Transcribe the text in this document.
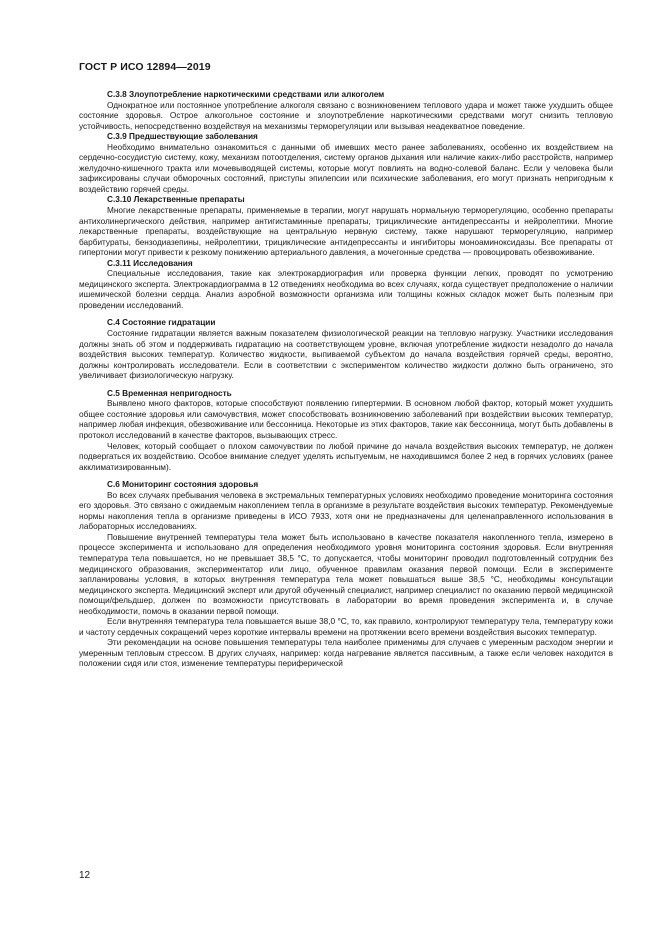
ГОСТ Р ИСО 12894—2019
С.3.8 Злоупотребление наркотическими средствами или алкоголем

Однократное или постоянное употребление алкоголя связано с возникновением теплового удара и может также ухудшить общее состояние здоровья. Острое алкогольное состояние и злоупотребление наркотическими средствами могут снизить тепловую устойчивость, непосредственно воздействуя на механизмы терморегуляции или вызывая неадекватное поведение.

С.3.9 Предшествующие заболевания

Необходимо внимательно ознакомиться с данными об имевших место ранее заболеваниях, особенно их воздействием на сердечно-сосудистую систему, кожу, механизм потоотделения, систему органов дыхания или наличие каких-либо расстройств, например желудочно-кишечного тракта или мочевыводящей системы, которые могут повлиять на водно-солевой баланс. Если у человека были зафиксированы случаи обморочных состояний, приступы эпилепсии или психические заболевания, его могут признать непригодным к воздействию горячей среды.

С.3.10 Лекарственные препараты

Многие лекарственные препараты, применяемые в терапии, могут нарушать нормальную терморегуляцию, особенно препараты антихолинергического действия, например антигистаминные препараты, трициклические антидепрессанты и нейролептики. Многие лекарственные препараты, воздействующие на центральную нервную систему, также нарушают терморегуляцию, например барбитураты, бензодиазепины, нейролептики, трициклические антидепрессанты и ингибиторы моноаминоксидазы. Все препараты от гипертонии могут привести к резкому понижению артериального давления, а мочегонные средства — провоцировать обезвоживание.

С.3.11 Исследования

Специальные исследования, такие как электрокардиография или проверка функции легких, проводят по усмотрению медицинского эксперта. Электрокардиограмма в 12 отведениях необходима во всех случаях, когда существует предположение о наличии ишемической болезни сердца. Анализ аэробной возможности организма или толщины кожных складок может быть полезным при проведении исследований.

С.4 Состояние гидратации

Состояние гидратации является важным показателем физиологической реакции на тепловую нагрузку. Участники исследования должны знать об этом и поддерживать гидратацию на соответствующем уровне, включая употребление жидкости незадолго до начала воздействия высоких температур. Количество жидкости, выпиваемой субъектом до начала воздействия горячей среды, вероятно, должны контролировать исследователи. Если в соответствии с экспериментом количество жидкости должно быть ограничено, это увеличивает физиологическую нагрузку.

С.5 Временная непригодность

Выявлено много факторов, которые способствуют появлению гипертермии. В основном любой фактор, который может ухудшить общее состояние здоровья или самочувствия, может способствовать возникновению заболеваний при воздействии высоких температур, например любая инфекция, обезвоживание или бессонница. Некоторые из этих факторов, такие как бессонница, могут быть добавлены в протокол исследований в качестве факторов, вызывающих стресс.

Человек, который сообщает о плохом самочувствии по любой причине до начала воздействия высоких температур, не должен подвергаться их воздействию. Особое внимание следует уделять испытуемым, не находившимся более 2 нед в горячих условиях (ранее акклиматизированным).

С.6 Мониторинг состояния здоровья

Во всех случаях пребывания человека в экстремальных температурных условиях необходимо проведение мониторинга состояния его здоровья. Это связано с ожидаемым накоплением тепла в организме в результате воздействия высоких температур. Рекомендуемые нормы накопления тепла в организме приведены в ИСО 7933, хотя они не предназначены для целенаправленного использования в лабораторных исследованиях.

Повышение внутренней температуры тела может быть использовано в качестве показателя накопленного тепла, измерено в процессе эксперимента и использовано для определения необходимого уровня мониторинга состояния здоровья. Если внутренняя температура тела повышается, но не превышает 38,5 °С, то допускается, чтобы мониторинг проводил подготовленный сотрудник без медицинского образования, экспериментатор или лицо, обученное правилам оказания первой помощи. Если в эксперименте запланированы условия, в которых внутренняя температура тела может повышаться выше 38,5 °С, необходимы консультации медицинского эксперта. Медицинский эксперт или другой обученный специалист, например специалист по оказанию первой медицинской помощи/фельдшер, должен по возможности присутствовать в лаборатории во время проведения эксперимента и, в случае необходимости, помочь в оказании первой помощи.

Если внутренняя температура тела повышается выше 38,0 °С, то, как правило, контролируют температуру тела, температуру кожи и частоту сердечных сокращений через короткие интервалы времени на протяжении всего времени воздействия высоких температур.

Эти рекомендации на основе повышения температуры тела наиболее применимы для случаев с умеренным расходом энергии и умеренным тепловым стрессом. В других случаях, например: когда нагревание является пассивным, а также если человек находится в положении сидя или стоя, изменение температуры периферической

12
